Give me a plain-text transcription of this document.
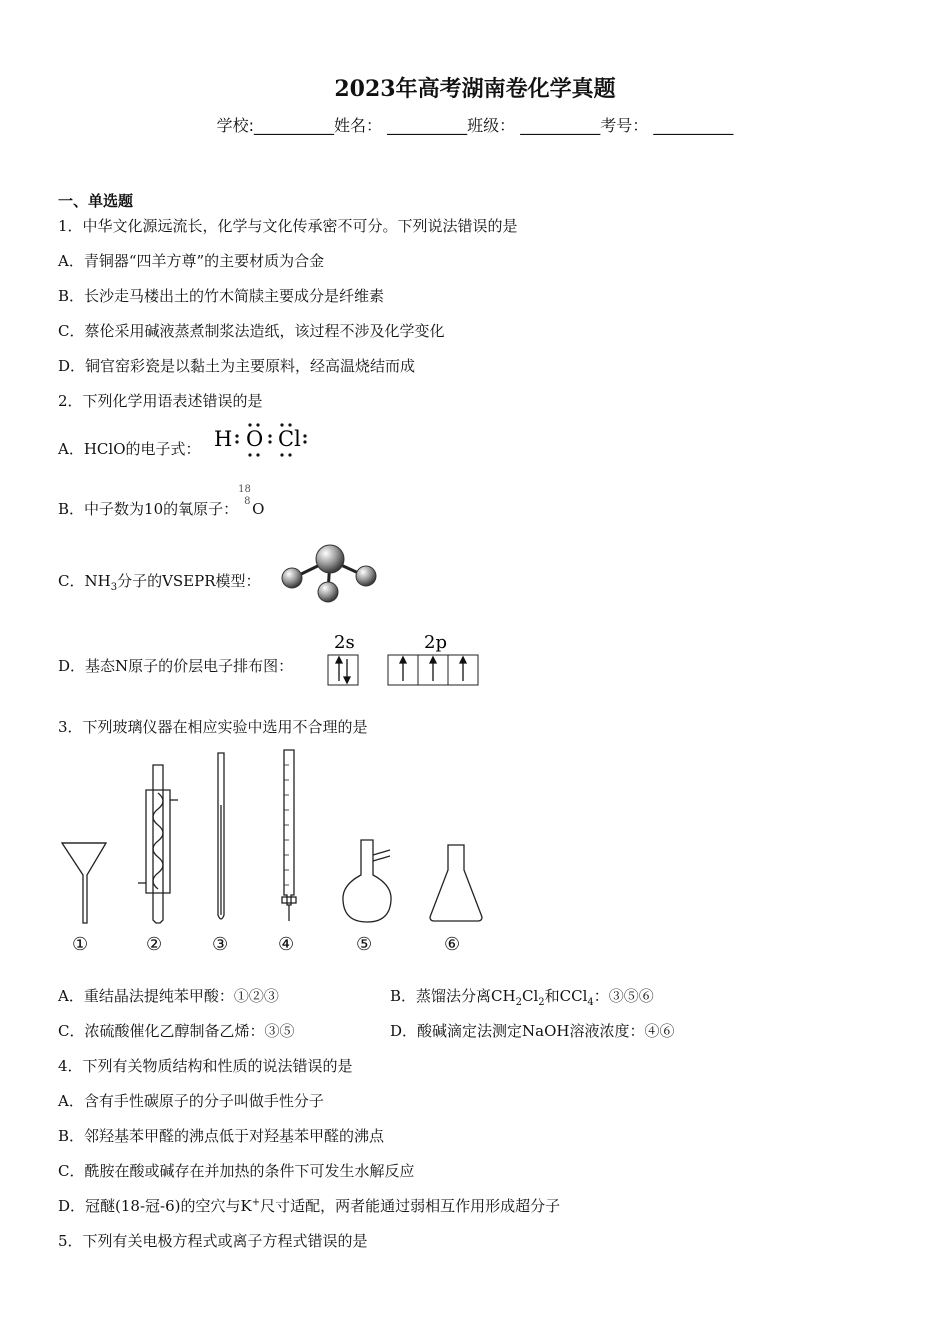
2023年高考湖南卷化学真题
学校:__________姓名： __________班级： __________考号： __________
一、单选题
1．中华文化源远流长，化学与文化传承密不可分。下列说法错误的是
A．青铜器“四羊方尊”的主要材质为合金
B．长沙走马楼出土的竹木简牍主要成分是纤维素
C．蔡伦采用碱液蒸煮制浆法造纸，该过程不涉及化学变化
D．铜官窑彩瓷是以黏土为主要原料，经高温烧结而成
2．下列化学用语表述错误的是
A．HClO的电子式： H O Cl
B．中子数为10的氧原子：
18
8 O
C．$NH_3$分子的VSEPR模型：
D．基态N原子的价层电子排布图：
2s	2p
3．下列玻璃仪器在相应实验中选用不合理的是
①	②	③	④	⑤	⑥
A．重结晶法提纯苯甲酸：①②③	B．蒸馏法分离$CH_2Cl_2$和CCl$_4$：③⑤⑥
C．浓硫酸催化乙醇制备乙烯：③⑤	D．酸碱滴定法测定NaOH溶液浓度：④⑥
4．下列有关物质结构和性质的说法错误的是
A．含有手性碳原子的分子叫做手性分子
B．邻羟基苯甲醛的沸点低于对羟基苯甲醛的沸点
C．酰胺在酸或碱存在并加热的条件下可发生水解反应
D．冠醚(18-冠-6)的空穴与K+尺寸适配，两者能通过弱相互作用形成超分子
5．下列有关电极方程式或离子方程式错误的是
